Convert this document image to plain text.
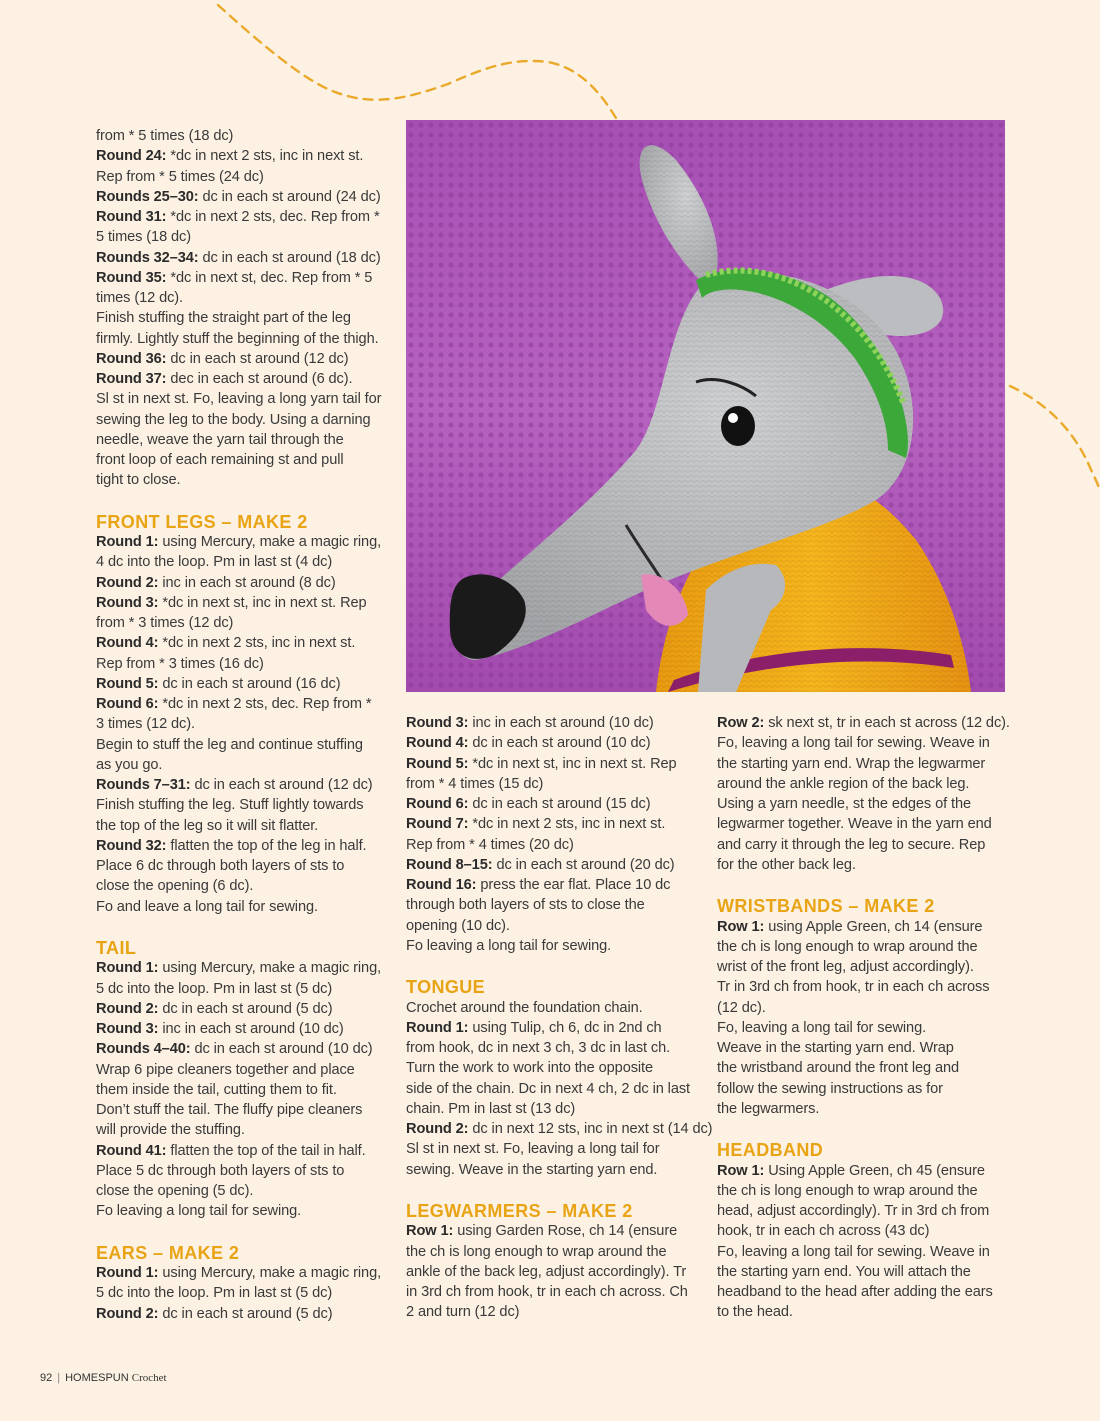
from * 5 times (18 dc)
Round 24: *dc in next 2 sts, inc in next st.
Rep from * 5 times (24 dc)
Rounds 25–30: dc in each st around (24 dc)
Round 31: *dc in next 2 sts, dec. Rep from *
5 times (18 dc)
Rounds 32–34: dc in each st around (18 dc)
Round 35: *dc in next st, dec. Rep from * 5
times (12 dc).
Finish stuffing the straight part of the leg
firmly. Lightly stuff the beginning of the thigh.
Round 36: dc in each st around (12 dc)
Round 37: dec in each st around (6 dc).
Sl st in next st. Fo, leaving a long yarn tail for
sewing the leg to the body. Using a darning
needle, weave the yarn tail through the
front loop of each remaining st and pull
tight to close.
FRONT LEGS – MAKE 2
Round 1: using Mercury, make a magic ring,
4 dc into the loop. Pm in last st (4 dc)
Round 2: inc in each st around (8 dc)
Round 3: *dc in next st, inc in next st. Rep
from * 3 times (12 dc)
Round 4: *dc in next 2 sts, inc in next st.
Rep from * 3 times (16 dc)
Round 5: dc in each st around (16 dc)
Round 6: *dc in next 2 sts, dec. Rep from *
3 times (12 dc).
Begin to stuff the leg and continue stuffing
as you go.
Rounds 7–31: dc in each st around (12 dc)
Finish stuffing the leg. Stuff lightly towards
the top of the leg so it will sit flatter.
Round 32: flatten the top of the leg in half.
Place 6 dc through both layers of sts to
close the opening (6 dc).
Fo and leave a long tail for sewing.
TAIL
Round 1: using Mercury, make a magic ring,
5 dc into the loop. Pm in last st (5 dc)
Round 2: dc in each st around (5 dc)
Round 3: inc in each st around (10 dc)
Rounds 4–40: dc in each st around (10 dc)
Wrap 6 pipe cleaners together and place
them inside the tail, cutting them to fit.
Don’t stuff the tail. The fluffy pipe cleaners
will provide the stuffing.
Round 41: flatten the top of the tail in half.
Place 5 dc through both layers of sts to
close the opening (5 dc).
Fo leaving a long tail for sewing.
EARS – MAKE 2
Round 1: using Mercury, make a magic ring,
5 dc into the loop. Pm in last st (5 dc)
Round 2: dc in each st around (5 dc)
Round 3: inc in each st around (10 dc)
Round 4: dc in each st around (10 dc)
Round 5: *dc in next st, inc in next st. Rep
from * 4 times (15 dc)
Round 6: dc in each st around (15 dc)
Round 7: *dc in next 2 sts, inc in next st.
Rep from * 4 times (20 dc)
Round 8–15: dc in each st around (20 dc)
Round 16: press the ear flat. Place 10 dc
through both layers of sts to close the
opening (10 dc).
Fo leaving a long tail for sewing.
TONGUE
Crochet around the foundation chain.
Round 1: using Tulip, ch 6, dc in 2nd ch
from hook, dc in next 3 ch, 3 dc in last ch.
Turn the work to work into the opposite
side of the chain. Dc in next 4 ch, 2 dc in last
chain. Pm in last st (13 dc)
Round 2: dc in next 12 sts, inc in next st (14 dc)
Sl st in next st. Fo, leaving a long tail for
sewing. Weave in the starting yarn end.
LEGWARMERS – MAKE 2
Row 1: using Garden Rose, ch 14 (ensure
the ch is long enough to wrap around the
ankle of the back leg, adjust accordingly). Tr
in 3rd ch from hook, tr in each ch across. Ch
2 and turn (12 dc)
Row 2: sk next st, tr in each st across (12 dc).
Fo, leaving a long tail for sewing. Weave in
the starting yarn end. Wrap the legwarmer
around the ankle region of the back leg.
Using a yarn needle, st the edges of the
legwarmer together. Weave in the yarn end
and carry it through the leg to secure. Rep
for the other back leg.
WRISTBANDS – MAKE 2
Row 1: using Apple Green, ch 14 (ensure
the ch is long enough to wrap around the
wrist of the front leg, adjust accordingly).
Tr in 3rd ch from hook, tr in each ch across
(12 dc).
Fo, leaving a long tail for sewing.
Weave in the starting yarn end. Wrap
the wristband around the front leg and
follow the sewing instructions as for
the legwarmers.
HEADBAND
Row 1: Using Apple Green, ch 45 (ensure
the ch is long enough to wrap around the
head, adjust accordingly). Tr in 3rd ch from
hook, tr in each ch across (43 dc)
Fo, leaving a long tail for sewing. Weave in
the starting yarn end. You will attach the
headband to the head after adding the ears
to the head.
92 | HOMESPUN Crochet
